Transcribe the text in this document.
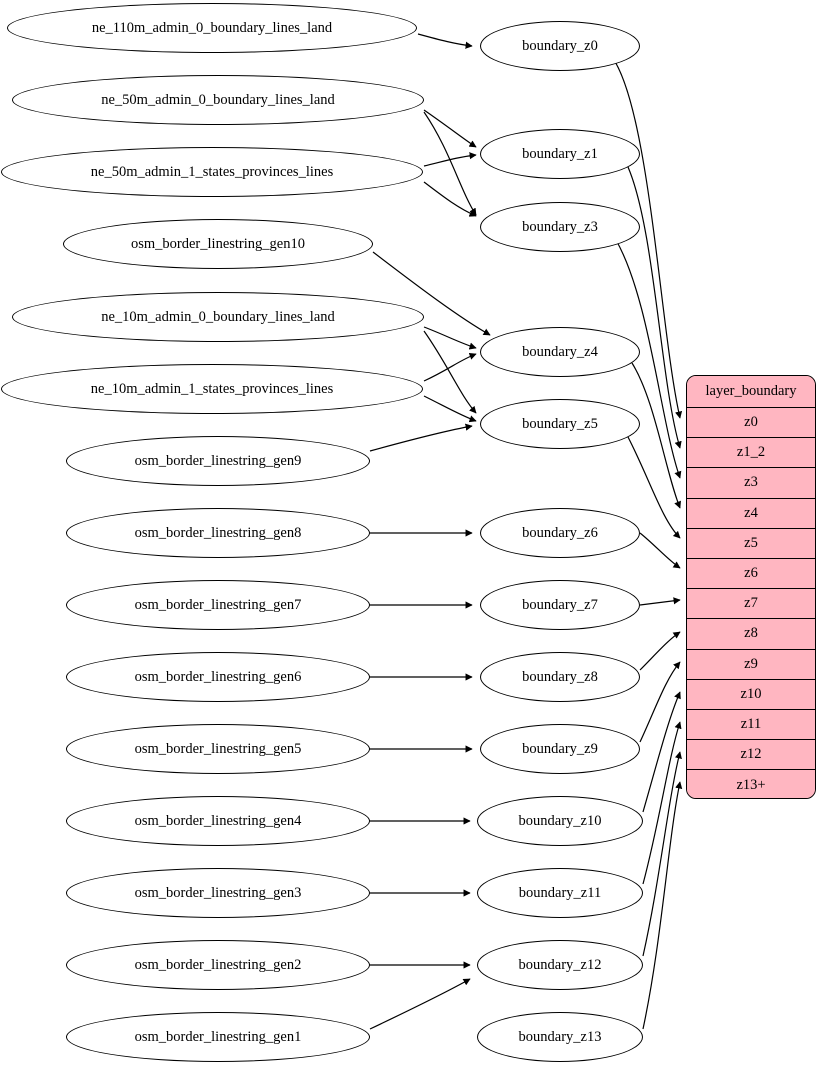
ne_110m_admin_0_boundary_lines_land
ne_50m_admin_0_boundary_lines_land
ne_50m_admin_1_states_provinces_lines
osm_border_linestring_gen10
ne_10m_admin_0_boundary_lines_land
ne_10m_admin_1_states_provinces_lines
osm_border_linestring_gen9
osm_border_linestring_gen8
osm_border_linestring_gen7
osm_border_linestring_gen6
osm_border_linestring_gen5
osm_border_linestring_gen4
osm_border_linestring_gen3
osm_border_linestring_gen2
osm_border_linestring_gen1
boundary_z0
boundary_z1
boundary_z3
boundary_z4
boundary_z5
boundary_z6
boundary_z7
boundary_z8
boundary_z9
boundary_z10
boundary_z11
boundary_z12
boundary_z13
layer_boundary
z0
z1_2
z3
z4
z5
z6
z7
z8
z9
z10
z11
z12
z13+
